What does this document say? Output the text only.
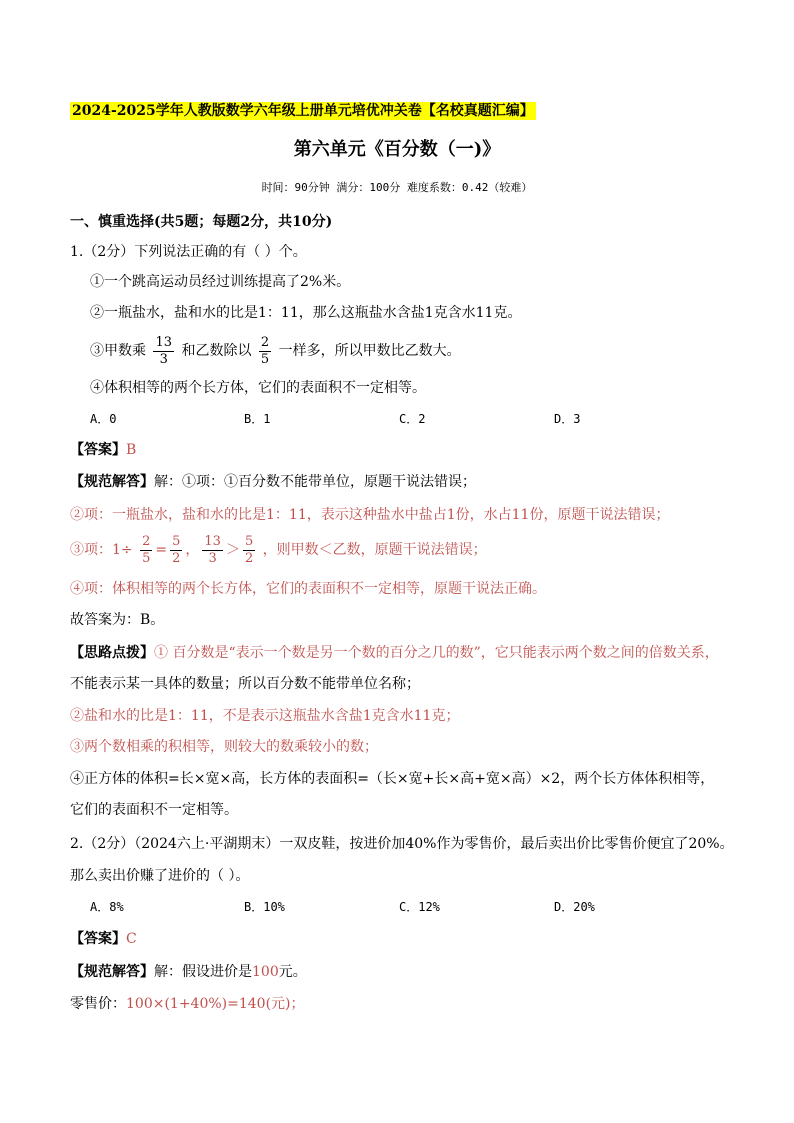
2024-2025学年人教版数学六年级上册单元培优冲关卷【名校真题汇编】
第六单元《百分数（一)》
时间：90分钟 满分：100分 难度系数：0.42（较难）
一、慎重选择(共5题；每题2分，共10分)
1.（2分）下列说法正确的有（ ）个。
①一个跳高运动员经过训练提高了2%米。
②一瓶盐水，盐和水的比是1：11，那么这瓶盐水含盐1克含水11克。
③甲数乘 $\frac{13}{3}$ 和乙数除以 $\frac{2}{5}$ 一样多，所以甲数比乙数大。
④体积相等的两个长方体，它们的表面积不一定相等。
A．0	B．1	C．2	D．3
【答案】B
【规范解答】解：①项：①百分数不能带单位，原题干说法错误；
②项：一瓶盐水，盐和水的比是1：11，表示这种盐水中盐占1份，水占11份，原题干说法错误；
③项：$1\div \frac{2}{5} = \frac{5}{2}$ ， $\frac{13}{3} > \frac{5}{2}$ ，则甲数＜乙数，原题干说法错误；
④项：体积相等的两个长方体，它们的表面积不一定相等，原题干说法正确。
故答案为：B。
【思路点拨】① 百分数是“表示一个数是另一个数的百分之几的数”，它只能表示两个数之间的倍数关系，
不能表示某一具体的数量；所以百分数不能带单位名称；
②盐和水的比是1：11，不是表示这瓶盐水含盐1克含水11克；
③两个数相乘的积相等，则较大的数乘较小的数；
④正方体的体积=长×宽×高，长方体的表面积=（长×宽+长×高+宽×高）×2，两个长方体体积相等，
它们的表面积不一定相等。
2.（2分）（2024六上·平湖期末）一双皮鞋，按进价加40%作为零售价，最后卖出价比零售价便宜了20%。
那么卖出价赚了进价的（ ）。
A．8%	B．10%	C．12%	D．20%
【答案】C
【规范解答】解：假设进价是100元。
零售价：100×(1+40%)=140(元)；
